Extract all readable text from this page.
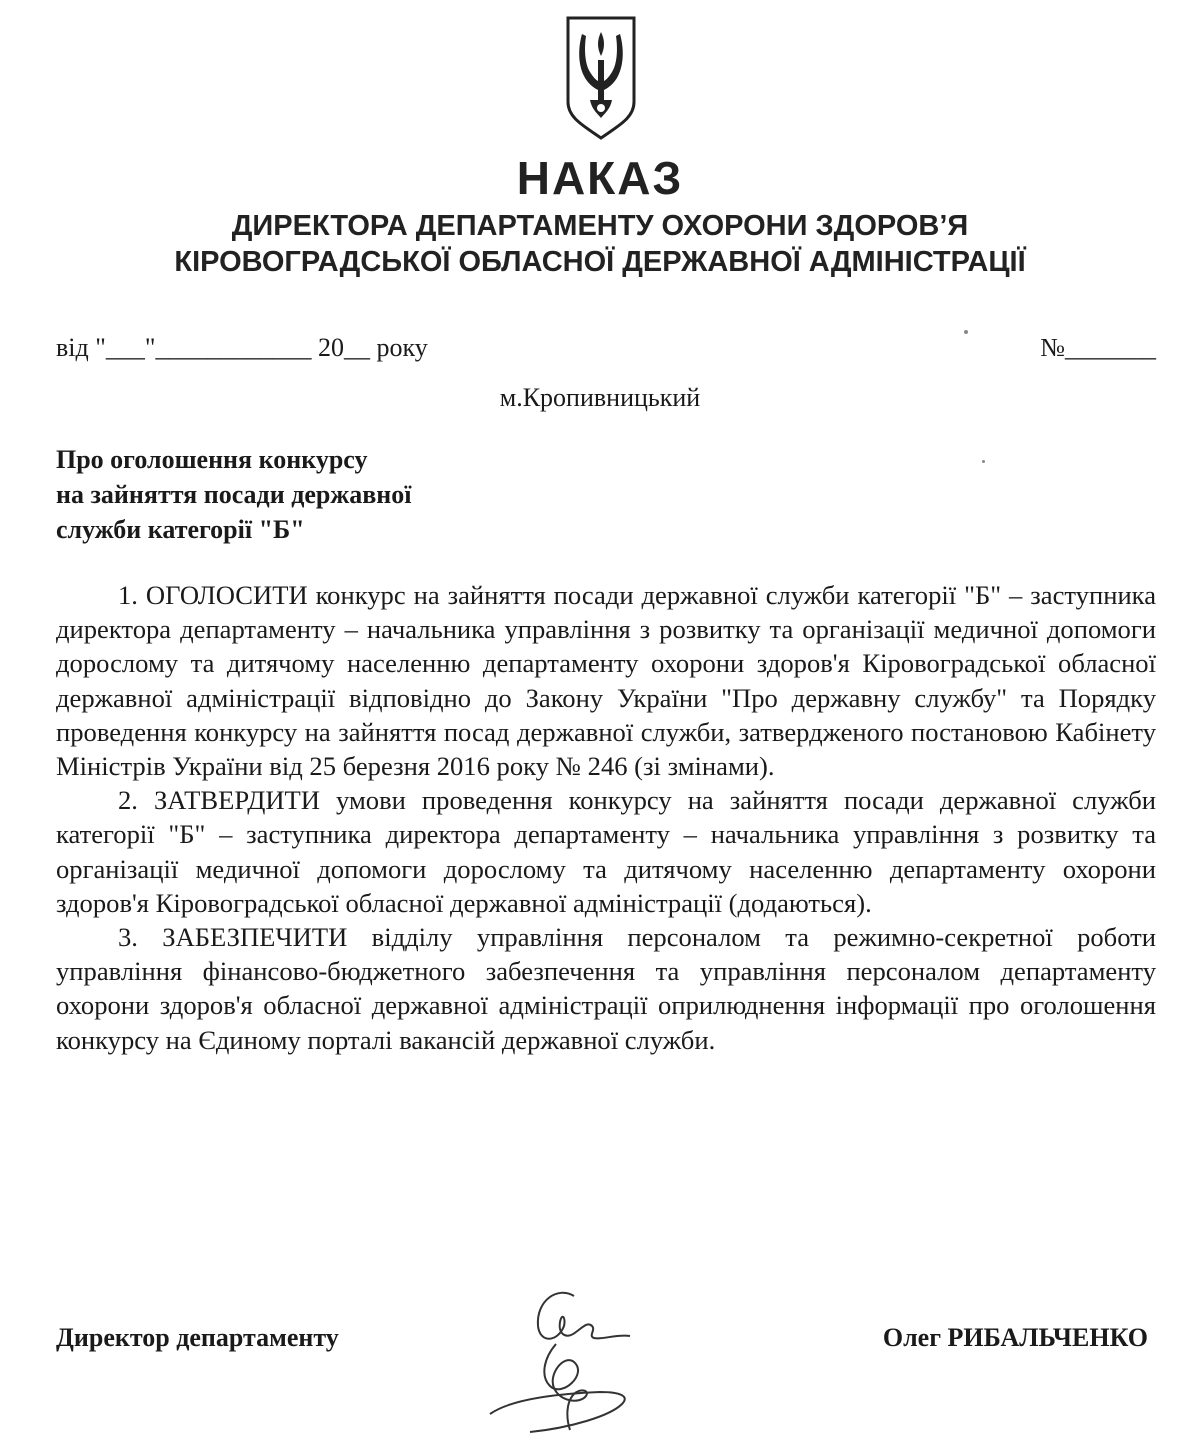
НАКАЗ
ДИРЕКТОРА ДЕПАРТАМЕНТУ ОХОРОНИ ЗДОРОВ’Я
КІРОВОГРАДСЬКОЇ ОБЛАСНОЇ ДЕРЖАВНОЇ АДМІНІСТРАЦІЇ
від "___"____________ 20__ року	№_______
м.Кропивницький
Про оголошення конкурсу
на зайняття посади державної
служби категорії "Б"

1. ОГОЛОСИТИ конкурс на зайняття посади державної служби категорії "Б" – заступника директора департаменту – начальника управління з розвитку та організації медичної допомоги дорослому та дитячому населенню департаменту охорони здоров'я Кіровоградської обласної державної адміністрації відповідно до Закону України "Про державну службу" та Порядку проведення конкурсу на зайняття посад державної служби, затвердженого постановою Кабінету Міністрів України від 25 березня 2016 року № 246 (зі змінами).

2. ЗАТВЕРДИТИ умови проведення конкурсу на зайняття посади державної служби категорії "Б" – заступника директора департаменту – начальника управління з розвитку та організації медичної допомоги дорослому та дитячому населенню департаменту охорони здоров'я Кіровоградської обласної державної адміністрації (додаються).

3. ЗАБЕЗПЕЧИТИ відділу управління персоналом та режимно-секретної роботи управління фінансово-бюджетного забезпечення та управління персоналом департаменту охорони здоров'я обласної державної адміністрації оприлюднення інформації про оголошення конкурсу на Єдиному порталі вакансій державної служби.

Директор департаменту	Олег РИБАЛЬЧЕНКО
